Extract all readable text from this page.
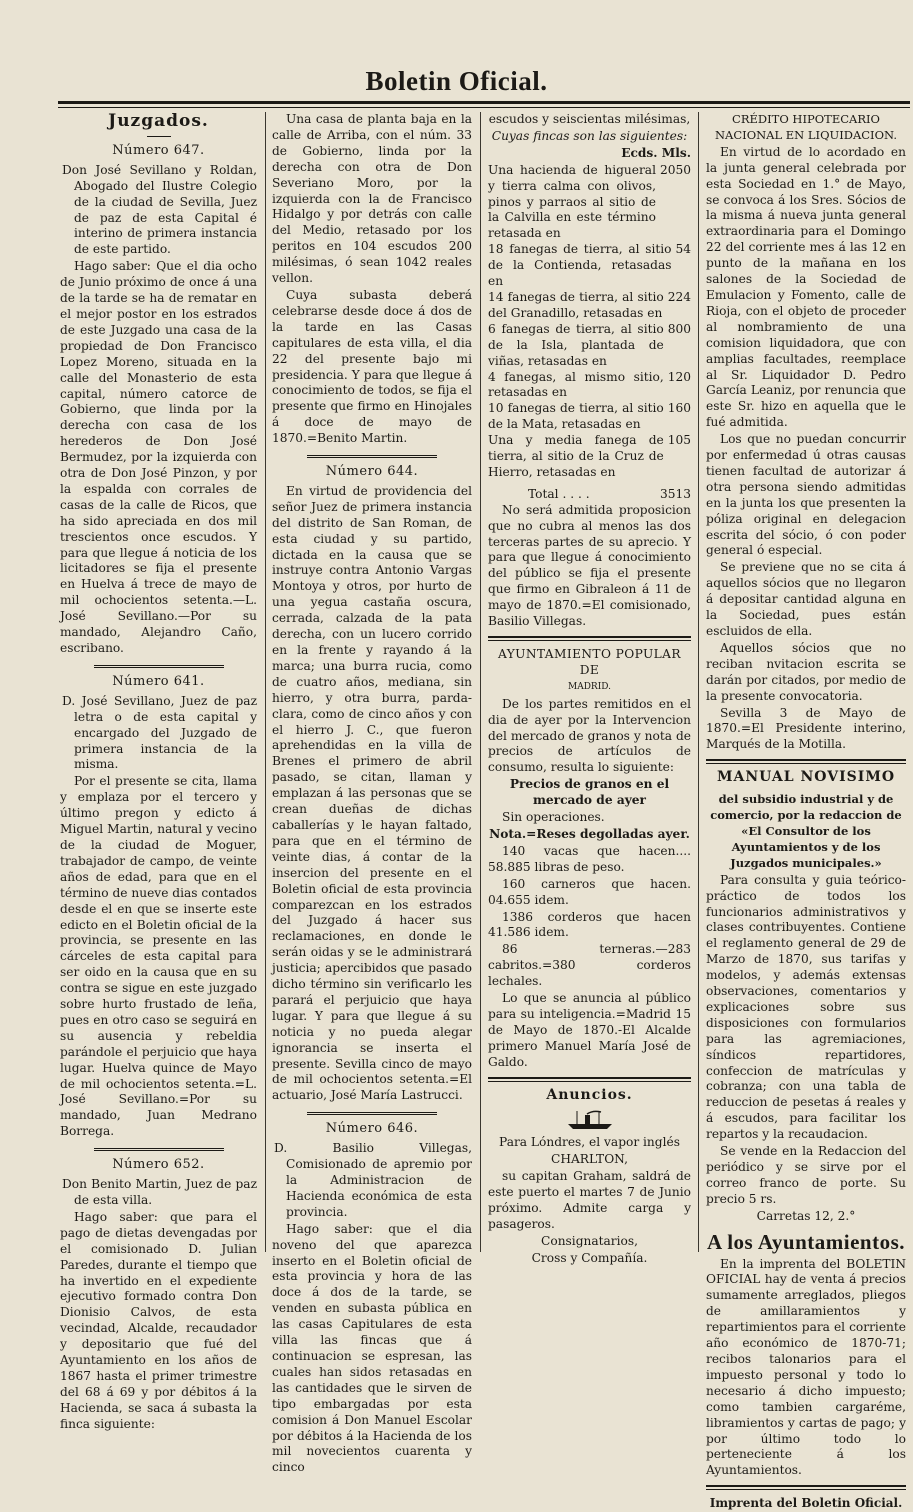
Boletin Oficial.
Juzgados.
Número 647.

Don José Sevillano y Roldan, Abogado del Ilustre Colegio de la ciudad de Sevilla, Juez de paz de esta Capital é interino de primera instancia de este partido.

Hago saber: Que el dia ocho de Junio próximo de once á una de la tarde se ha de rematar en el mejor postor en los estrados de este Juzgado una casa de la propiedad de Don Francisco Lopez Moreno, situada en la calle del Monasterio de esta capital, número catorce de Gobierno, que linda por la derecha con casa de los herederos de Don José Bermudez, por la izquierda con otra de Don José Pinzon, y por la espalda con corrales de casas de la calle de Ricos, que ha sido apreciada en dos mil trescientos once escudos. Y para que llegue á noticia de los licitadores se fija el presente en Huelva á trece de mayo de mil ochocientos setenta.—L. José Sevillano.—Por su mandado, Alejandro Caño, escribano.

Número 641.

D. José Sevillano, Juez de paz letra o de esta capital y encargado del Juzgado de primera instancia de la misma.

Por el presente se cita, llama y emplaza por el tercero y último pregon y edicto á Miguel Martin, natural y vecino de la ciudad de Moguer, trabajador de campo, de veinte años de edad, para que en el término de nueve dias contados desde el en que se inserte este edicto en el Boletin oficial de la provincia, se presente en las cárceles de esta capital para ser oido en la causa que en su contra se sigue en este juzgado sobre hurto frustado de leña, pues en otro caso se seguirá en su ausencia y rebeldia parándole el perjuicio que haya lugar. Huelva quince de Mayo de mil ochocientos setenta.=L. José Sevillano.=Por su mandado, Juan Medrano Borrega.

Número 652.

Don Benito Martin, Juez de paz de esta villa.

Hago saber: que para el pago de dietas devengadas por el comisionado D. Julian Paredes, durante el tiempo que ha invertido en el expediente ejecutivo formado contra Don Dionisio Calvos, de esta vecindad, Alcalde, recaudador y depositario que fué del Ayuntamiento en los años de 1867 hasta el primer trimestre del 68 á 69 y por débitos á la Hacienda, se saca á subasta la finca siguiente:

Una casa de planta baja en la calle de Arriba, con el núm. 33 de Gobierno, linda por la derecha con otra de Don Severiano Moro, por la izquierda con la de Francisco Hidalgo y por detrás con calle del Medio, retasado por los peritos en 104 escudos 200 milésimas, ó sean 1042 reales vellon.

Cuya subasta deberá celebrarse desde doce á dos de la tarde en las Casas capitulares de esta villa, el dia 22 del presente bajo mi presidencia. Y para que llegue á conocimiento de todos, se fija el presente que firmo en Hinojales á doce de mayo de 1870.=Benito Martin.

Número 644.

En virtud de providencia del señor Juez de primera instancia del distrito de San Roman, de esta ciudad y su partido, dictada en la causa que se instruye contra Antonio Vargas Montoya y otros, por hurto de una yegua castaña oscura, cerrada, calzada de la pata derecha, con un lucero corrido en la frente y rayando á la marca; una burra rucia, como de cuatro años, mediana, sin hierro, y otra burra, parda-clara, como de cinco años y con el hierro J. C., que fueron aprehendidas en la villa de Brenes el primero de abril pasado, se citan, llaman y emplazan á las personas que se crean dueñas de dichas caballerías y le hayan faltado, para que en el término de veinte dias, á contar de la insercion del presente en el Boletin oficial de esta provincia comparezcan en los estrados del Juzgado á hacer sus reclamaciones, en donde le serán oidas y se le administrará justicia; apercibidos que pasado dicho término sin verificarlo les parará el perjuicio que haya lugar. Y para que llegue á su noticia y no pueda alegar ignorancia se inserta el presente. Sevilla cinco de mayo de mil ochocientos setenta.=El actuario, José María Lastrucci.

Número 646.

D. Basilio Villegas, Comisionado de apremio por la Administracion de Hacienda económica de esta provincia.

Hago saber: que el dia noveno del que aparezca inserto en el Boletin oficial de esta provincia y hora de las doce á dos de la tarde, se venden en subasta pública en las casas Capitulares de esta villa las fincas que á continuacion se espresan, las cuales han sidos retasadas en las cantidades que le sirven de tipo embargadas por esta comision á Don Manuel Escolar por débitos á la Hacienda de los mil novecientos cuarenta y cinco

escudos y seiscientas milésimas,

Cuyas fincas son las siguientes:

Ecds. Mls.

Una hacienda de higueral y tierra calma con olivos, pinos y parraos al sitio de la Calvilla en este término retasada en
2050
18 fanegas de tierra, al sitio de la Contienda, retasadas en
54
14 fanegas de tierra, al sitio del Granadillo, retasadas en
224
6 fanegas de tierra, al sitio de la Isla, plantada de viñas, retasadas en
800
4 fanegas, al mismo sitio, retasadas en
120
10 fanegas de tierra, al sitio de la Mata, retasadas en
160
Una y media fanega de tierra, al sitio de la Cruz de Hierro, retasadas en
105
Total . . . .	3513

No será admitida proposicion que no cubra al menos las dos terceras partes de su aprecio. Y para que llegue á conocimiento del público se fija el presente que firmo en Gibraleon á 11 de mayo de 1870.=El comisionado, Basilio Villegas.

AYUNTAMIENTO POPULAR DE

MADRID.

De los partes remitidos en el dia de ayer por la Intervencion del mercado de granos y nota de precios de artículos de consumo, resulta lo siguiente:

Precios de granos en el mercado de ayer

Sin operaciones.

Nota.=Reses degolladas ayer.

140 vacas que hacen.... 58.885 libras de peso.

160 carneros que hacen. 04.655 idem.

1386 corderos que hacen 41.586 idem.

86 terneras.—283 cabritos.=380 corderos lechales.

Lo que se anuncia al público para su inteligencia.=Madrid 15 de Mayo de 1870.-El Alcalde primero Manuel María José de Galdo.

Anuncios.

Para Lóndres, el vapor inglés

CHARLTON,

su capitan Graham, saldrá de este puerto el martes 7 de Junio próximo. Admite carga y pasageros.

Consignatarios,

Cross y Compañía.

CRÉDITO HIPOTECARIO NACIONAL EN LIQUIDACION.

En virtud de lo acordado en la junta general celebrada por esta Sociedad en 1.° de Mayo, se convoca á los Sres. Sócios de la misma á nueva junta general extraordinaria para el Domingo 22 del corriente mes á las 12 en punto de la mañana en los salones de la Sociedad de Emulacion y Fomento, calle de Rioja, con el objeto de proceder al nombramiento de una comision liquidadora, que con amplias facultades, reemplace al Sr. Liquidador D. Pedro García Leaniz, por renuncia que este Sr. hizo en aquella que le fué admitida.

Los que no puedan concurrir por enfermedad ú otras causas tienen facultad de autorizar á otra persona siendo admitidas en la junta los que presenten la póliza original en delegacion escrita del sócio, ó con poder general ó especial.

Se previene que no se cita á aquellos sócios que no llegaron á depositar cantidad alguna en la Sociedad, pues están escluidos de ella.

Aquellos sócios que no reciban nvitacion escrita se darán por citados, por medio de la presente convocatoria.

Sevilla 3 de Mayo de 1870.=El Presidente interino, Marqués de la Motilla.

MANUAL NOVISIMO

del subsidio industrial y de comercio, por la redaccion de «El Consultor de los Ayuntamientos y de los Juzgados municipales.»

Para consulta y guia teórico-práctico de todos los funcionarios administrativos y clases contribuyentes. Contiene el reglamento general de 29 de Marzo de 1870, sus tarifas y modelos, y además extensas observaciones, comentarios y explicaciones sobre sus disposiciones con formularios para las agremiaciones, síndicos repartidores, confeccion de matrículas y cobranza; con una tabla de reduccion de pesetas á reales y á escudos, para facilitar los repartos y la recaudacion.

Se vende en la Redaccion del periódico y se sirve por el correo franco de porte. Su precio 5 rs.

Carretas 12, 2.°

A los Ayuntamientos.

En la imprenta del BOLETIN OFICIAL hay de venta á precios sumamente arreglados, pliegos de amillaramientos y repartimientos para el corriente año económico de 1870-71; recibos talonarios para el impuesto personal y todo lo necesario á dicho impuesto; como tambien cargaréme, libramientos y cartas de pago; y por último todo lo perteneciente á los Ayuntamientos.

Imprenta del Boletin Oficial.
